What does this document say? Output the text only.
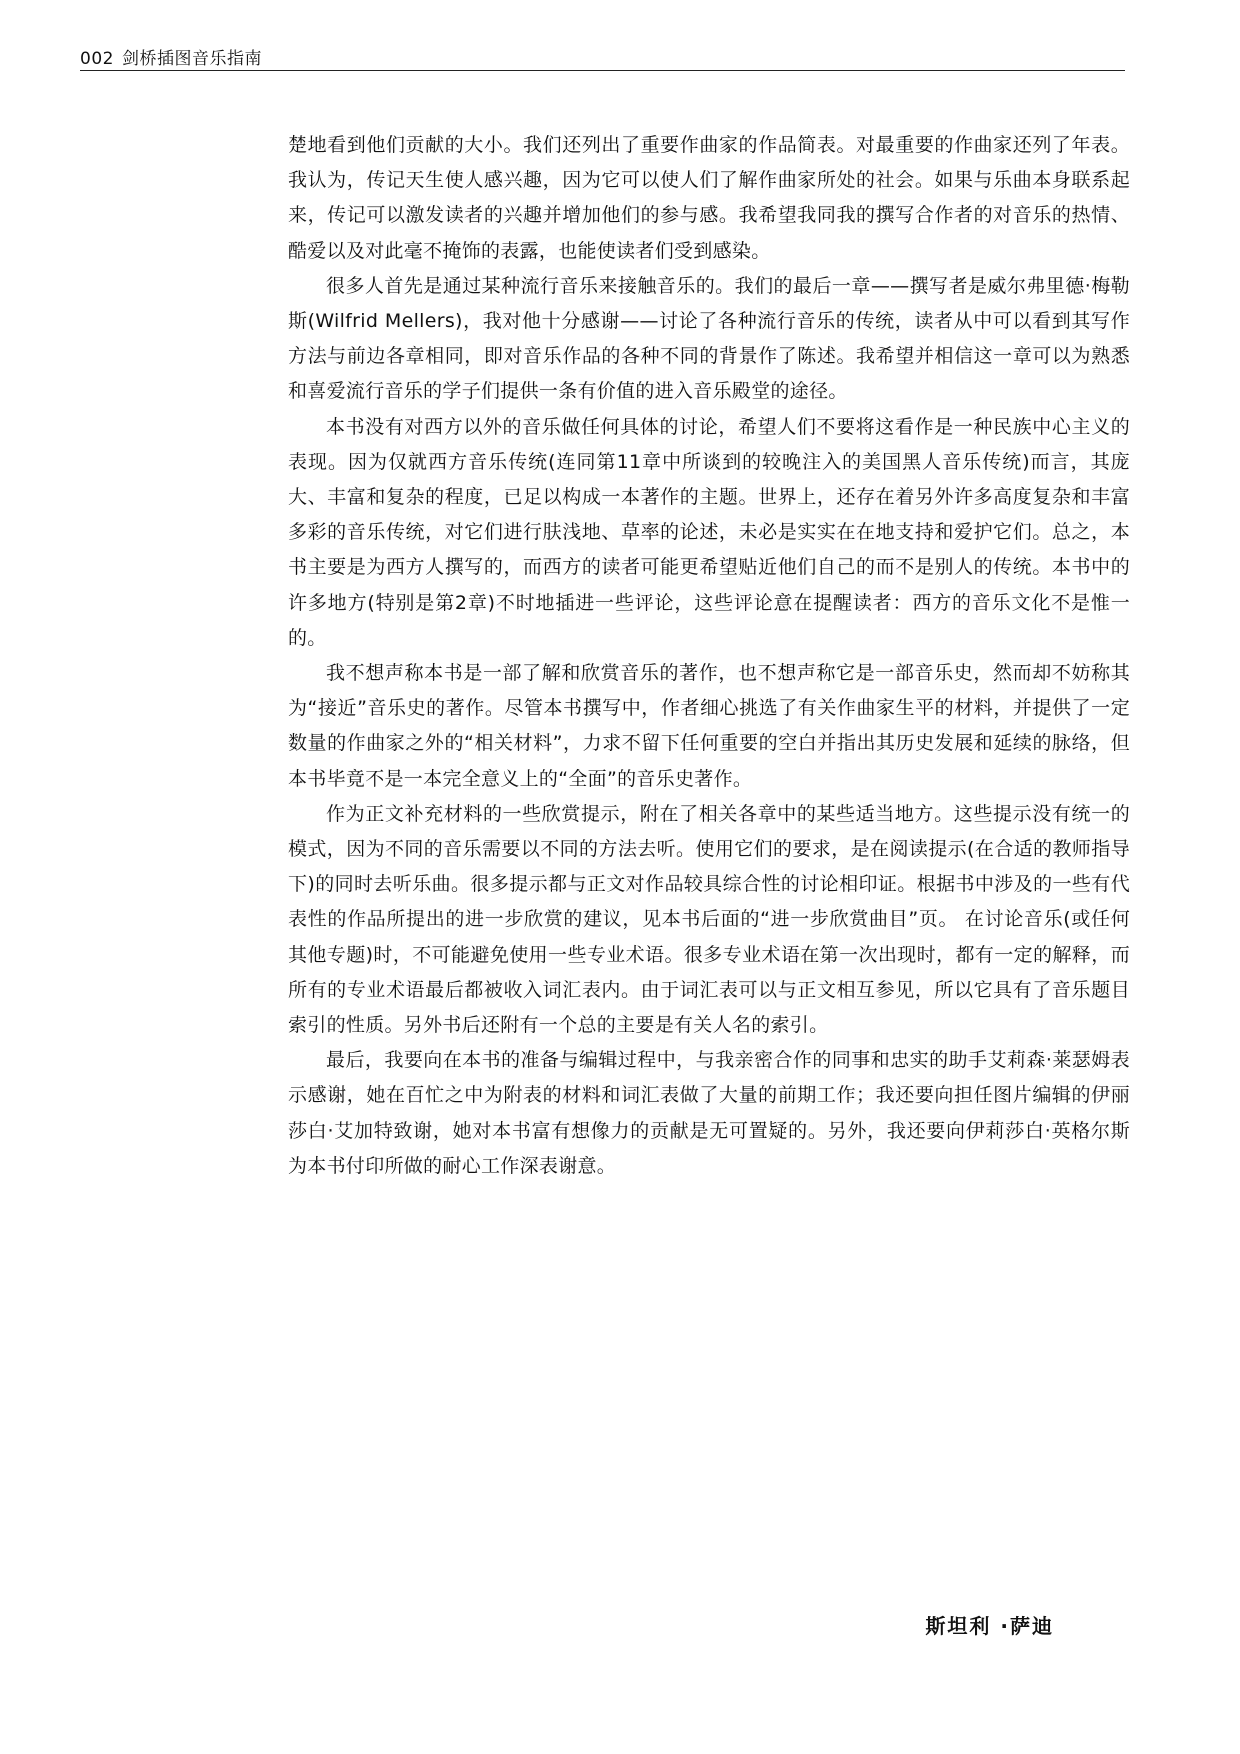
002 剑桥插图音乐指南

楚地看到他们贡献的大小。我们还列出了重要作曲家的作品简表。对最重要的作曲家还列了年表。我认为，传记天生使人感兴趣，因为它可以使人们了解作曲家所处的社会。如果与乐曲本身联系起来，传记可以激发读者的兴趣并增加他们的参与感。我希望我同我的撰写合作者的对音乐的热情、酷爱以及对此毫不掩饰的表露，也能使读者们受到感染。

很多人首先是通过某种流行音乐来接触音乐的。我们的最后一章——撰写者是威尔弗里德·梅勒斯(Wilfrid Mellers)，我对他十分感谢——讨论了各种流行音乐的传统，读者从中可以看到其写作方法与前边各章相同，即对音乐作品的各种不同的背景作了陈述。我希望并相信这一章可以为熟悉和喜爱流行音乐的学子们提供一条有价值的进入音乐殿堂的途径。

本书没有对西方以外的音乐做任何具体的讨论，希望人们不要将这看作是一种民族中心主义的表现。因为仅就西方音乐传统(连同第11章中所谈到的较晚注入的美国黑人音乐传统)而言，其庞大、丰富和复杂的程度，已足以构成一本著作的主题。世界上，还存在着另外许多高度复杂和丰富多彩的音乐传统，对它们进行肤浅地、草率的论述，未必是实实在在地支持和爱护它们。总之，本书主要是为西方人撰写的，而西方的读者可能更希望贴近他们自己的而不是别人的传统。本书中的许多地方(特别是第2章)不时地插进一些评论，这些评论意在提醒读者：西方的音乐文化不是惟一的。

我不想声称本书是一部了解和欣赏音乐的著作，也不想声称它是一部音乐史，然而却不妨称其为“接近”音乐史的著作。尽管本书撰写中，作者细心挑选了有关作曲家生平的材料，并提供了一定数量的作曲家之外的“相关材料”，力求不留下任何重要的空白并指出其历史发展和延续的脉络，但本书毕竟不是一本完全意义上的“全面”的音乐史著作。

作为正文补充材料的一些欣赏提示，附在了相关各章中的某些适当地方。这些提示没有统一的模式，因为不同的音乐需要以不同的方法去听。使用它们的要求，是在阅读提示(在合适的教师指导下)的同时去听乐曲。很多提示都与正文对作品较具综合性的讨论相印证。根据书中涉及的一些有代表性的作品所提出的进一步欣赏的建议，见本书后面的“进一步欣赏曲目”页。 在讨论音乐(或任何其他专题)时，不可能避免使用一些专业术语。很多专业术语在第一次出现时，都有一定的解释，而所有的专业术语最后都被收入词汇表内。由于词汇表可以与正文相互参见，所以它具有了音乐题目索引的性质。另外书后还附有一个总的主要是有关人名的索引。

最后，我要向在本书的准备与编辑过程中，与我亲密合作的同事和忠实的助手艾莉森·莱瑟姆表示感谢，她在百忙之中为附表的材料和词汇表做了大量的前期工作；我还要向担任图片编辑的伊丽莎白·艾加特致谢，她对本书富有想像力的贡献是无可置疑的。另外，我还要向伊莉莎白·英格尔斯为本书付印所做的耐心工作深表谢意。

斯坦利 ·萨迪
